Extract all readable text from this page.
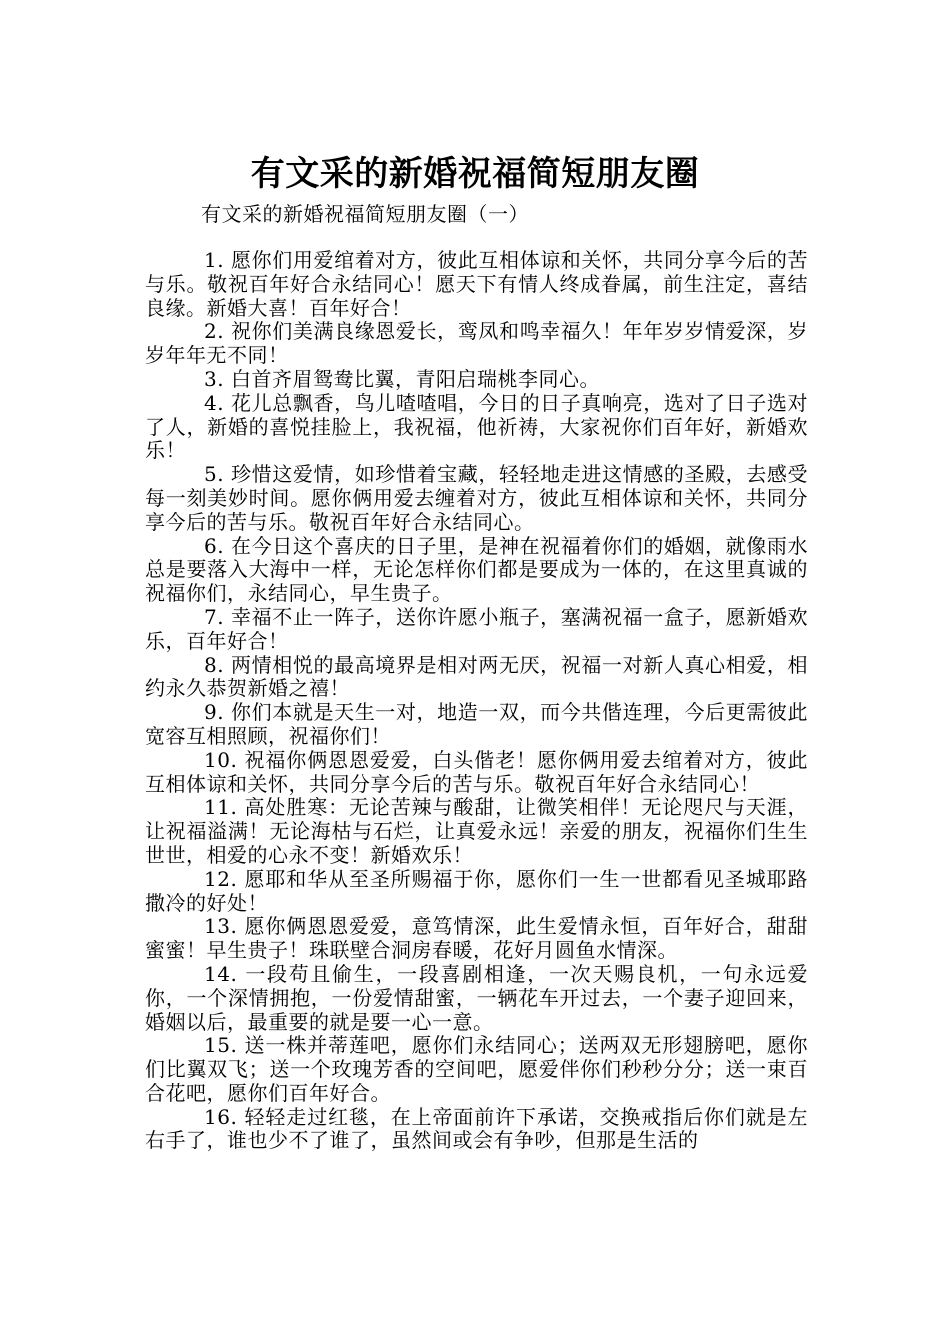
有文采的新婚祝福简短朋友圈
有文采的新婚祝福简短朋友圈（一）

1. 愿你们用爱绾着对方，彼此互相体谅和关怀，共同分享今后的苦与乐。敬祝百年好合永结同心！愿天下有情人终成眷属，前生注定，喜结良缘。新婚大喜！百年好合！

2. 祝你们美满良缘恩爱长，鸾凤和鸣幸福久！年年岁岁情爱深，岁岁年年无不同！

3. 白首齐眉鸳鸯比翼，青阳启瑞桃李同心。

4. 花儿总飘香，鸟儿喳喳唱，今日的日子真响亮，选对了日子选对了人，新婚的喜悦挂脸上，我祝福，他祈祷，大家祝你们百年好，新婚欢乐！

5. 珍惜这爱情，如珍惜着宝藏，轻轻地走进这情感的圣殿，去感受每一刻美妙时间。愿你俩用爱去缠着对方，彼此互相体谅和关怀，共同分享今后的苦与乐。敬祝百年好合永结同心。

6. 在今日这个喜庆的日子里，是神在祝福着你们的婚姻，就像雨水总是要落入大海中一样，无论怎样你们都是要成为一体的，在这里真诚的祝福你们，永结同心，早生贵子。

7. 幸福不止一阵子，送你许愿小瓶子，塞满祝福一盒子，愿新婚欢乐，百年好合！

8. 两情相悦的最高境界是相对两无厌，祝福一对新人真心相爱，相约永久恭贺新婚之禧！

9. 你们本就是天生一对，地造一双，而今共偕连理，今后更需彼此宽容互相照顾，祝福你们！

10. 祝福你俩恩恩爱爱，白头偕老！愿你俩用爱去绾着对方，彼此互相体谅和关怀，共同分享今后的苦与乐。敬祝百年好合永结同心！

11. 高处胜寒：无论苦辣与酸甜，让微笑相伴！无论咫尺与天涯，让祝福溢满！无论海枯与石烂，让真爱永远！亲爱的朋友，祝福你们生生世世，相爱的心永不变！新婚欢乐！

12. 愿耶和华从至圣所赐福于你，愿你们一生一世都看见圣城耶路撒冷的好处！

13. 愿你俩恩恩爱爱，意笃情深，此生爱情永恒，百年好合，甜甜蜜蜜！早生贵子！珠联壁合洞房春暖，花好月圆鱼水情深。

14. 一段苟且偷生，一段喜剧相逢，一次天赐良机，一句永远爱你，一个深情拥抱，一份爱情甜蜜，一辆花车开过去，一个妻子迎回来，婚姻以后，最重要的就是要一心一意。

15. 送一株并蒂莲吧，愿你们永结同心；送两双无形翅膀吧，愿你们比翼双飞；送一个玫瑰芳香的空间吧，愿爱伴你们秒秒分分；送一束百合花吧，愿你们百年好合。

16. 轻轻走过红毯，在上帝面前许下承诺，交换戒指后你们就是左右手了，谁也少不了谁了，虽然间或会有争吵，但那是生活的
